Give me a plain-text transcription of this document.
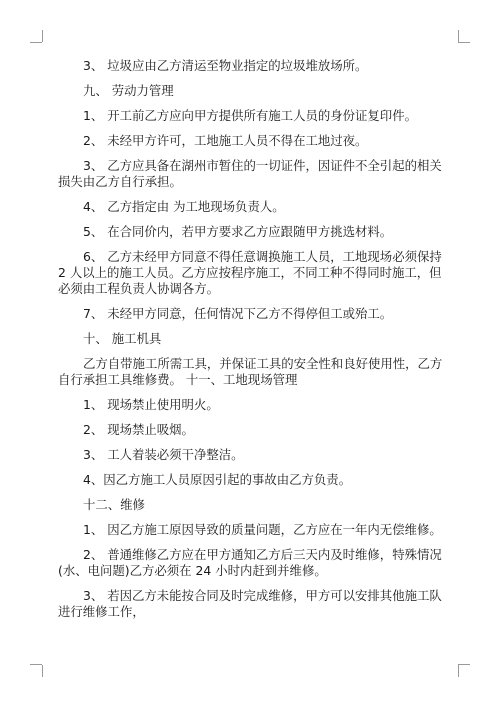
3、 垃圾应由乙方清运至物业指定的垃圾堆放场所。

九、 劳动力管理

1、 开工前乙方应向甲方提供所有施工人员的身份证复印件。

2、 未经甲方许可，工地施工人员不得在工地过夜。

3、 乙方应具备在湖州市暂住的一切证件，因证件不全引起的相关损失由乙方自行承担。

4、 乙方指定由 为工地现场负责人。

5、 在合同价内，若甲方要求乙方应跟随甲方挑选材料。

6、 乙方未经甲方同意不得任意调换施工人员，工地现场必须保持 2 人以上的施工人员。乙方应按程序施工，不同工种不得同时施工，但必须由工程负责人协调各方。

7、 未经甲方同意，任何情况下乙方不得停但工或殆工。

十、 施工机具

乙方自带施工所需工具，并保证工具的安全性和良好使用性，乙方自行承担工具维修费。 十一、工地现场管理

1、 现场禁止使用明火。

2、 现场禁止吸烟。

3、 工人着装必须干净整洁。

4、因乙方施工人员原因引起的事故由乙方负责。

十二、维修

1、 因乙方施工原因导致的质量问题，乙方应在一年内无偿维修。

2、 普通维修乙方应在甲方通知乙方后三天内及时维修，特殊情况(水、电问题)乙方必须在 24 小时内赶到并维修。

3、 若因乙方未能按合同及时完成维修，甲方可以安排其他施工队进行维修工作，
